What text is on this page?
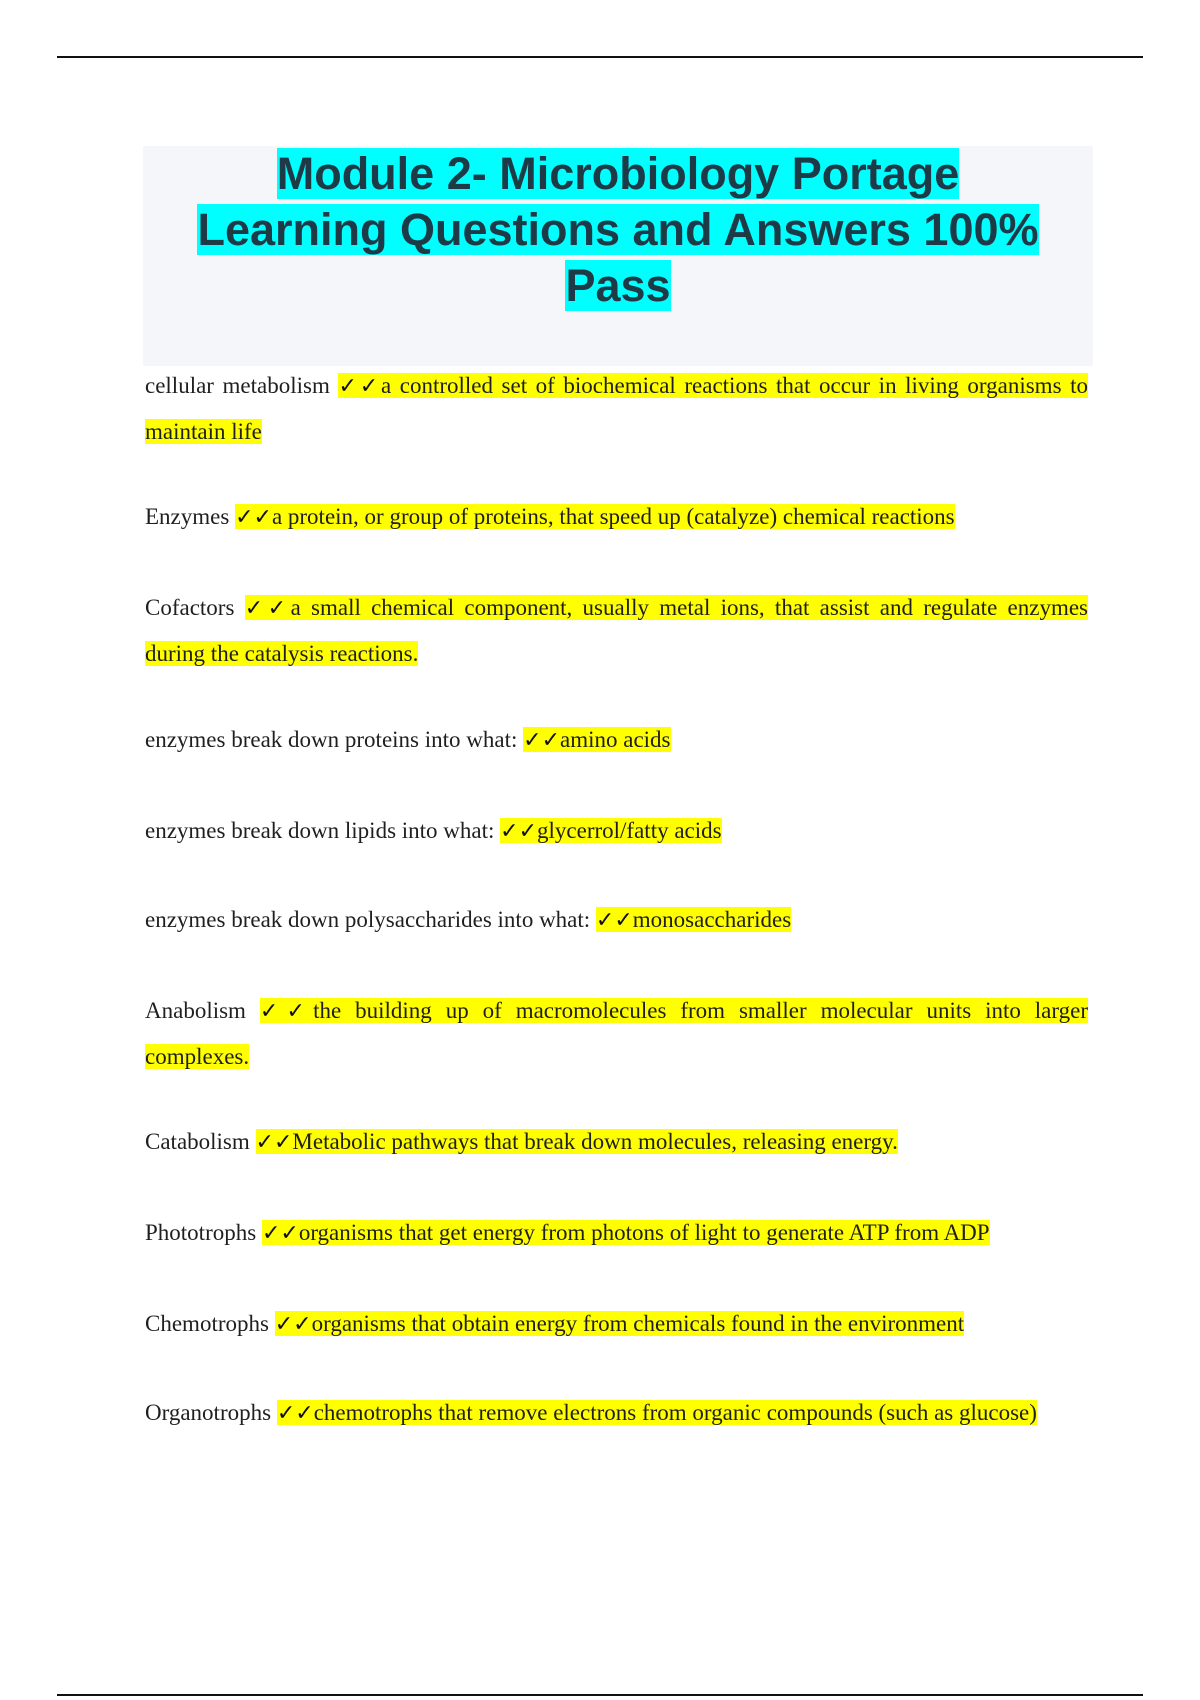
Module 2- Microbiology Portage
Learning Questions and Answers 100%
Pass
cellular metabolism ✓✓a controlled set of biochemical reactions that occur in living organisms to maintain life
Enzymes ✓✓a protein, or group of proteins, that speed up (catalyze) chemical reactions
Cofactors ✓✓a small chemical component, usually metal ions, that assist and regulate enzymes during the catalysis reactions.
enzymes break down proteins into what: ✓✓amino acids
enzymes break down lipids into what: ✓✓glycerrol/fatty acids
enzymes break down polysaccharides into what: ✓✓monosaccharides
Anabolism ✓✓the building up of macromolecules from smaller molecular units into larger complexes.
Catabolism ✓✓Metabolic pathways that break down molecules, releasing energy.
Phototrophs ✓✓organisms that get energy from photons of light to generate ATP from ADP
Chemotrophs ✓✓organisms that obtain energy from chemicals found in the environment
Organotrophs ✓✓chemotrophs that remove electrons from organic compounds (such as glucose)
